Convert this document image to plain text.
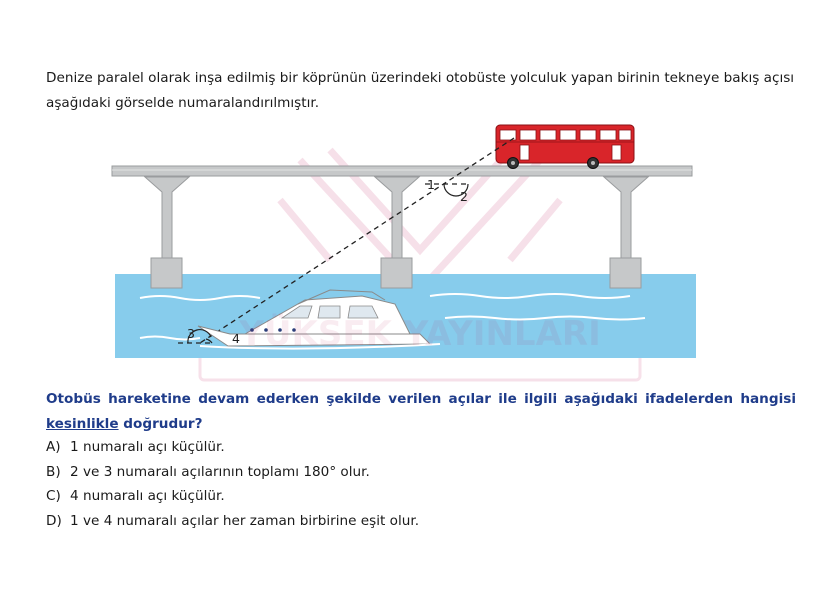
Denize paralel olarak inşa edilmiş bir köprünün üzerindeki otobüste yolculuk yapan birinin tekneye bakış açısı
aşağıdaki görselde numaralandırılmıştır.
1
2
3	4 YÜKSEK YAYINLARI
Otobüs hareketine devam ederken şekilde verilen açılar ile ilgili aşağıdaki ifadelerden hangisi kesinlikle doğrudur?
A) 1 numaralı açı küçülür.
B) 2 ve 3 numaralı açılarının toplamı 180° olur.
C) 4 numaralı açı küçülür.
D) 1 ve 4 numaralı açılar her zaman birbirine eşit olur.
